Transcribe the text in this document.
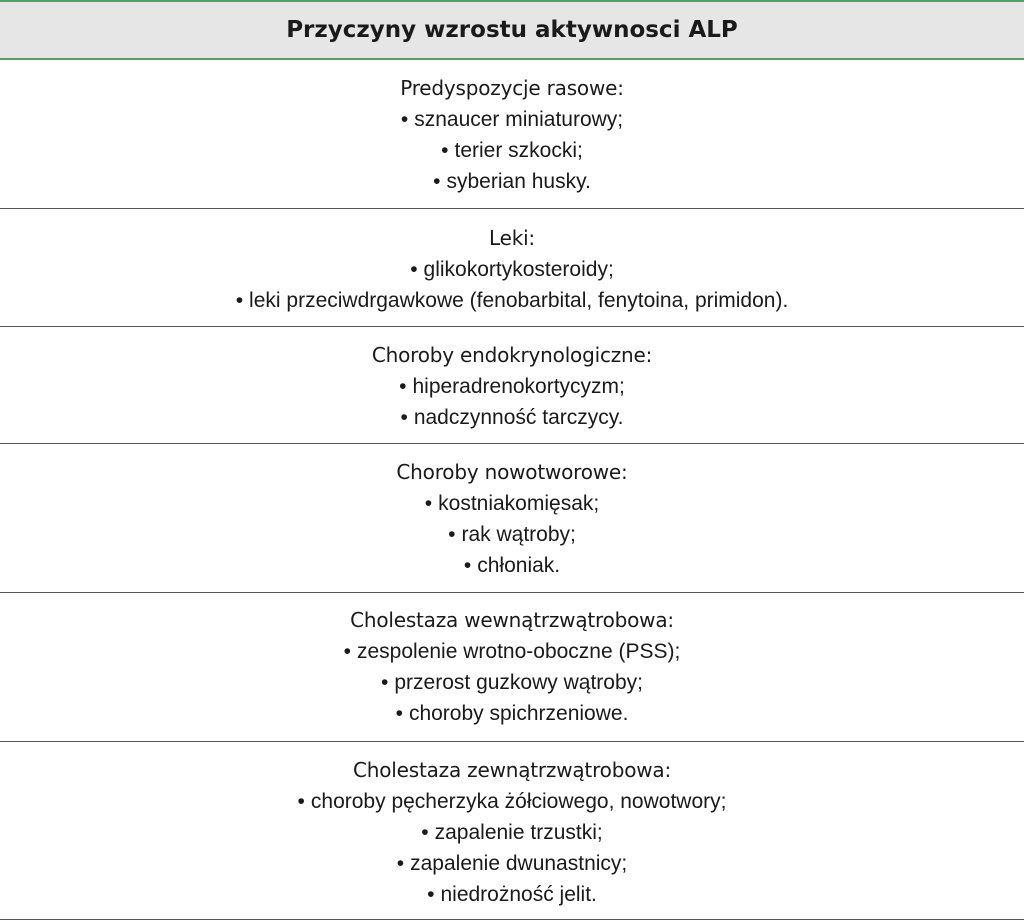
Przyczyny wzrostu aktywnosci ALP
Predyspozycje rasowe:
• sznaucer miniaturowy;
• terier szkocki;
• syberian husky.
Leki:
• glikokortykosteroidy;
• leki przeciwdrgawkowe (fenobarbital, fenytoina, primidon).
Choroby endokrynologiczne:
• hiperadrenokortycyzm;
• nadczynność tarczycy.
Choroby nowotworowe:
• kostniakomięsak;
• rak wątroby;
• chłoniak.
Cholestaza wewnątrzwątrobowa:
• zespolenie wrotno-oboczne (PSS);
• przerost guzkowy wątroby;
• choroby spichrzeniowe.
Cholestaza zewnątrzwątrobowa:
• choroby pęcherzyka żółciowego, nowotwory;
• zapalenie trzustki;
• zapalenie dwunastnicy;
• niedrożność jelit.
